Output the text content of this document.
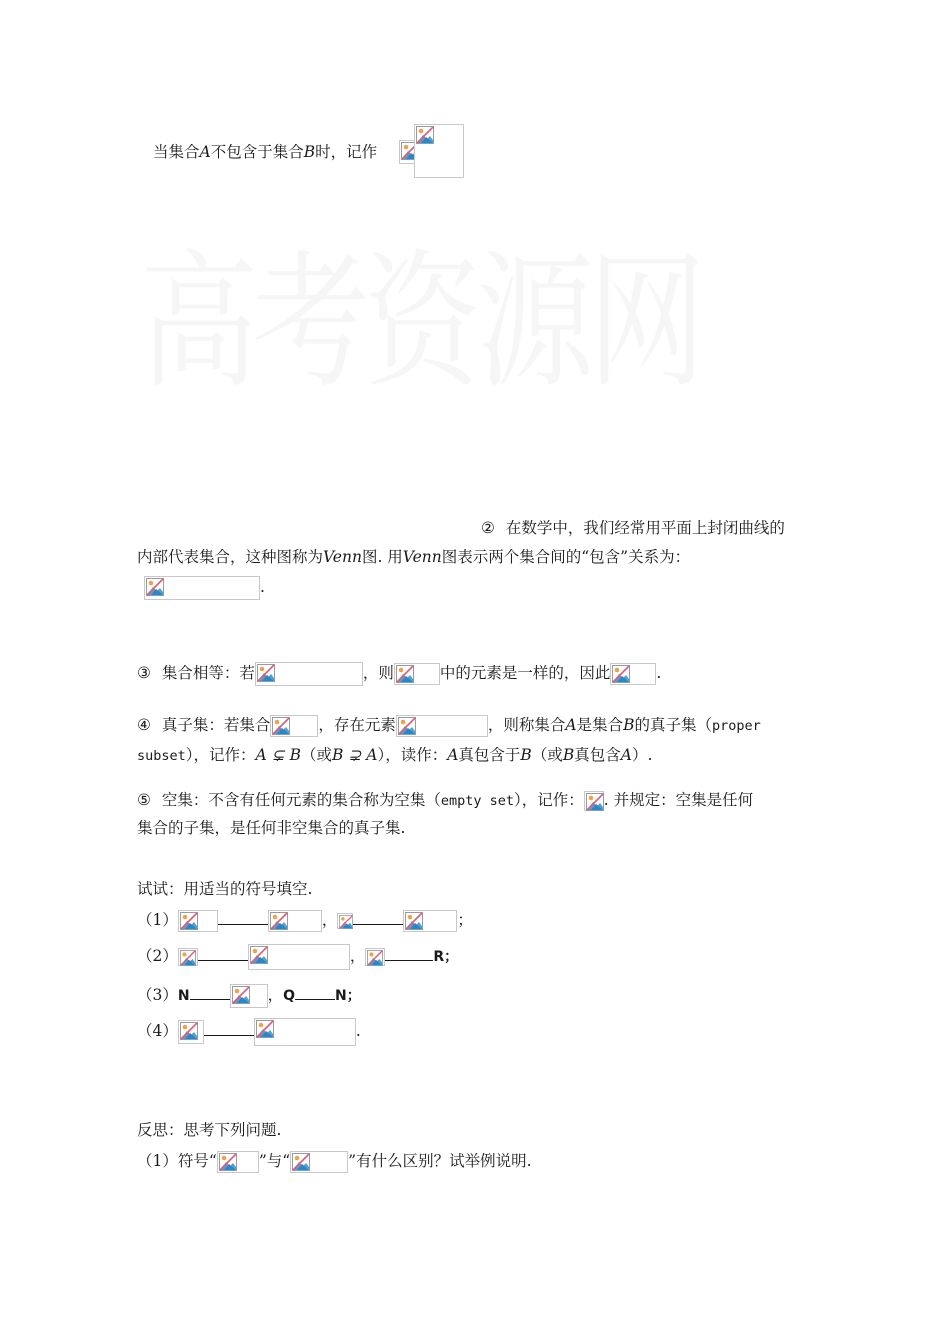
高考资源网
当集合A不包含于集合B时，记作
② 在数学中，我们经常用平面上封闭曲线的
内部代表集合，这种图称为Venn图. 用Venn图表示两个集合间的“包含”关系为：
.
③ 集合相等：若	，则	中的元素是一样的，因此	.
④ 真子集：若集合	，存在元素	，则称集合A是集合B的真子集（proper
subset），记作：A ⊊ B（或B ⊋ A），读作：A真包含于B（或B真包含A）.
⑤ 空集：不含有任何元素的集合称为空集（empty set），记作： . 并规定：空集是任何
集合的子集，是任何非空集合的真子集.
试试：用适当的符号填空.
（1）	，	；
（2）	，	R；
（3）N	，Q	N；
（4）	.
反思：思考下列问题.
（1）符号“	”与“	”有什么区别？试举例说明.
